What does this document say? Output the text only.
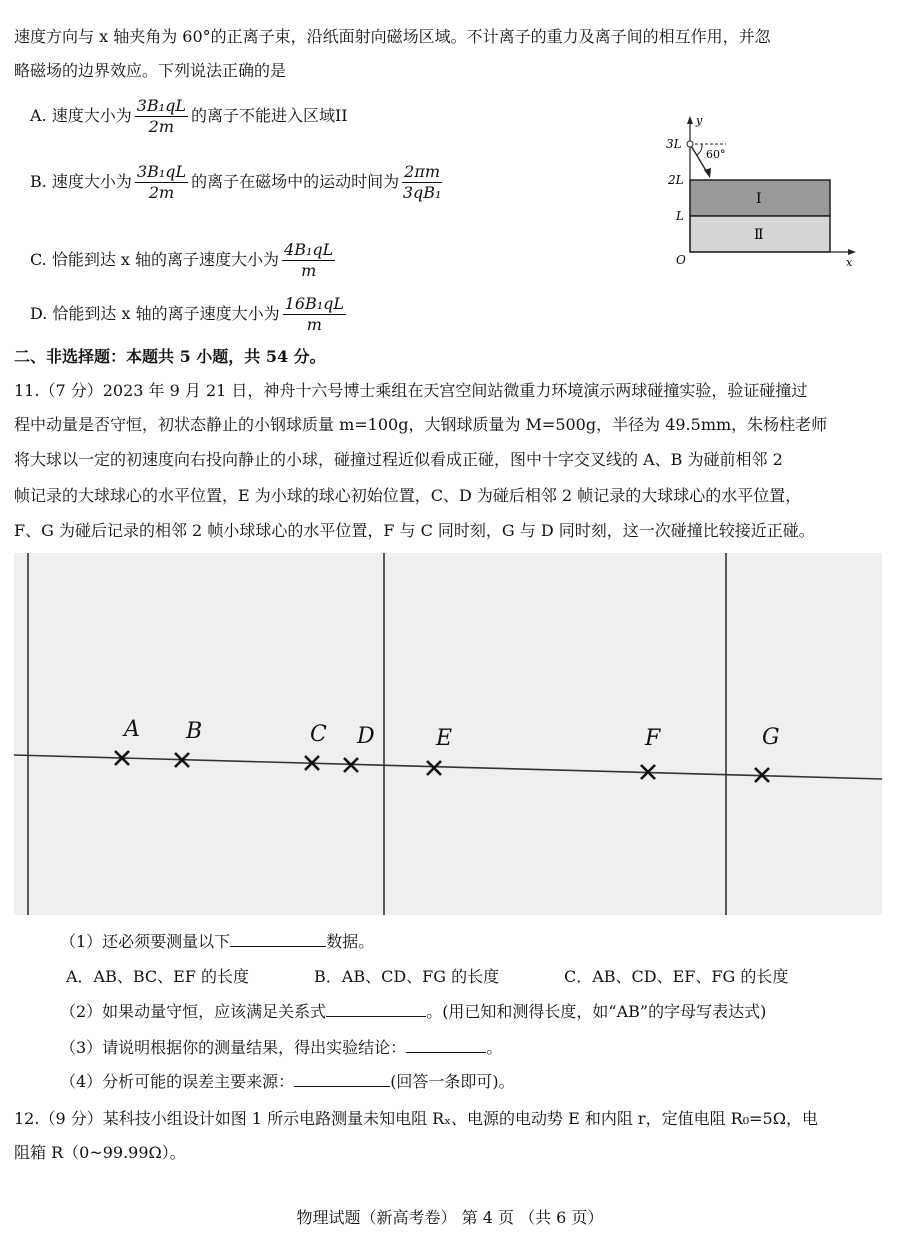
速度方向与 x 轴夹角为 60°的正离子束，沿纸面射向磁场区域。不计离子的重力及离子间的相互作用，并忽
略磁场的边界效应。下列说法正确的是
A. 速度大小为 $\frac{\text{3B₁qL}}{2m}$ 的离子不能进入区域II
B. 速度大小为 $\frac{\text{3B₁qL}}{2m}$ 的离子在磁场中的运动时间为 $\frac{2\pi m}{\text{3qB₁}}$
C. 恰能到达 x 轴的离子速度大小为 $\frac{\text{4B₁qL}}{m}$
D. 恰能到达 x 轴的离子速度大小为 $\frac{\text{16B₁qL}}{m}$
y
x
O
3L
2L
L
60°
I
Ⅱ
二、非选择题：本题共 5 小题，共 54 分。
11.（7 分）2023 年 9 月 21 日，神舟十六号博士乘组在天宫空间站微重力环境演示两球碰撞实验，验证碰撞过
程中动量是否守恒，初状态静止的小钢球质量 m=100g，大钢球质量为 M=500g，半径为 49.5mm，朱杨柱老师
将大球以一定的初速度向右投向静止的小球，碰撞过程近似看成正碰，图中十字交叉线的 A、B 为碰前相邻 2
帧记录的大球球心的水平位置，E 为小球的球心初始位置，C、D 为碰后相邻 2 帧记录的大球球心的水平位置，
F、G 为碰后记录的相邻 2 帧小球球心的水平位置，F 与 C 同时刻，G 与 D 同时刻，这一次碰撞比较接近正碰。
A B	C D	E	F	G
（1）还必须要测量以下	数据。
A．AB、BC、EF 的长度	B．AB、CD、FG 的长度	C．AB、CD、EF、FG 的长度
（2）如果动量守恒，应该满足关系式	。(用已知和测得长度，如“AB”的字母写表达式)
（3）请说明根据你的测量结果，得出实验结论：	。
（4）分析可能的误差主要来源：	(回答一条即可)。
12.（9 分）某科技小组设计如图 1 所示电路测量未知电阻 Rₓ、电源的电动势 E 和内阻 r，定值电阻 R₀=5Ω，电
阻箱 R（0~99.99Ω）。
物理试题（新高考卷） 第 4 页 （共 6 页）
